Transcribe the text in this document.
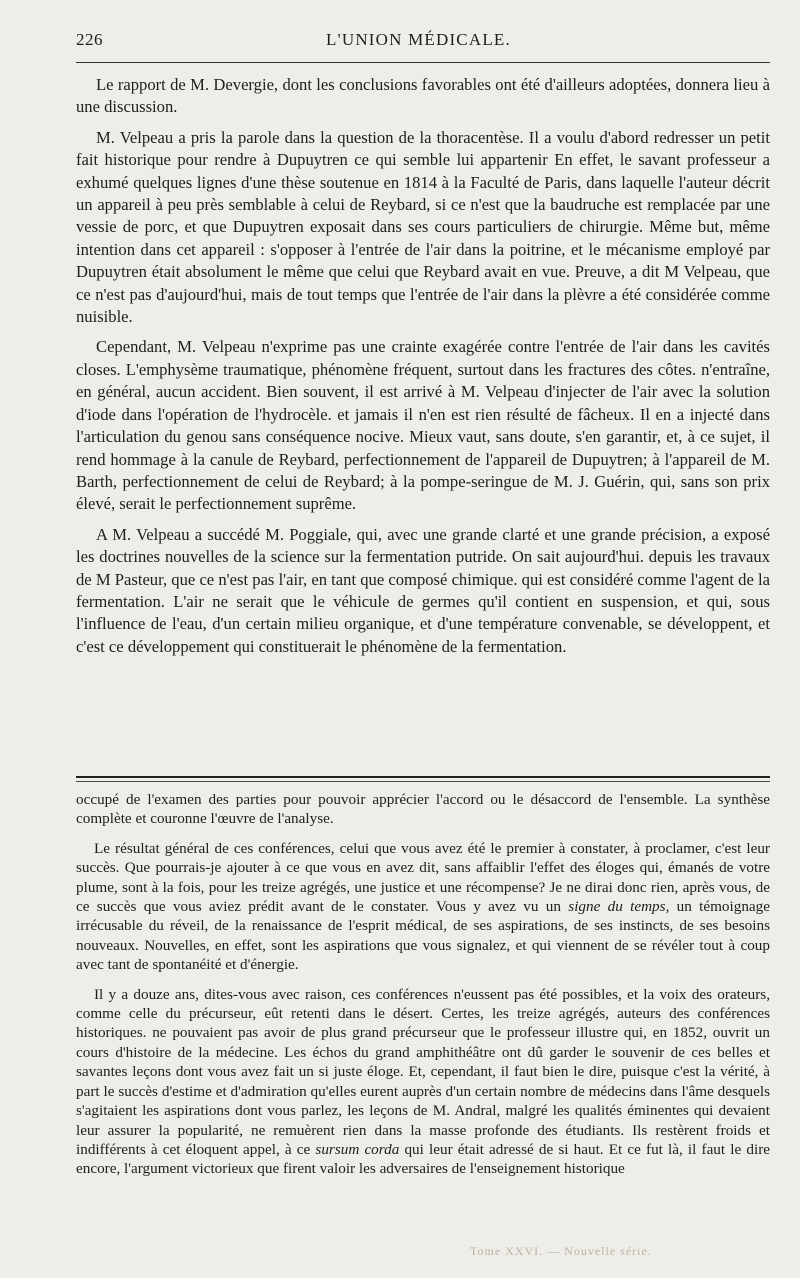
226	L'UNION MÉDICALE.

Le rapport de M. Devergie, dont les conclusions favorables ont été d'ailleurs adoptées, donnera lieu à une discussion.

M. Velpeau a pris la parole dans la question de la thoracentèse. Il a voulu d'abord redresser un petit fait historique pour rendre à Dupuytren ce qui semble lui appartenir En effet, le savant professeur a exhumé quelques lignes d'une thèse soutenue en 1814 à la Faculté de Paris, dans laquelle l'auteur décrit un appareil à peu près semblable à celui de Reybard, si ce n'est que la baudruche est remplacée par une vessie de porc, et que Dupuytren exposait dans ses cours particuliers de chirurgie. Même but, même intention dans cet appareil : s'opposer à l'entrée de l'air dans la poitrine, et le mécanisme employé par Dupuytren était absolument le même que celui que Reybard avait en vue. Preuve, a dit M Velpeau, que ce n'est pas d'aujourd'hui, mais de tout temps que l'entrée de l'air dans la plèvre a été considérée comme nuisible.

Cependant, M. Velpeau n'exprime pas une crainte exagérée contre l'entrée de l'air dans les cavités closes. L'emphysème traumatique, phénomène fréquent, surtout dans les fractures des côtes. n'entraîne, en général, aucun accident. Bien souvent, il est arrivé à M. Velpeau d'injecter de l'air avec la solution d'iode dans l'opération de l'hydrocèle. et jamais il n'en est rien résulté de fâcheux. Il en a injecté dans l'articulation du genou sans conséquence nocive. Mieux vaut, sans doute, s'en garantir, et, à ce sujet, il rend hommage à la canule de Reybard, perfectionnement de l'appareil de Dupuytren; à l'appareil de M. Barth, perfectionnement de celui de Reybard; à la pompe-seringue de M. J. Guérin, qui, sans son prix élevé, serait le perfectionnement suprême.

A M. Velpeau a succédé M. Poggiale, qui, avec une grande clarté et une grande précision, a exposé les doctrines nouvelles de la science sur la fermentation putride. On sait aujourd'hui. depuis les travaux de M Pasteur, que ce n'est pas l'air, en tant que composé chimique. qui est considéré comme l'agent de la fermentation. L'air ne serait que le véhicule de germes qu'il contient en suspension, et qui, sous l'influence de l'eau, d'un certain milieu organique, et d'une température convenable, se développent, et c'est ce développement qui constituerait le phénomène de la fermentation.

occupé de l'examen des parties pour pouvoir apprécier l'accord ou le désaccord de l'ensemble. La synthèse complète et couronne l'œuvre de l'analyse.

Le résultat général de ces conférences, celui que vous avez été le premier à constater, à proclamer, c'est leur succès. Que pourrais-je ajouter à ce que vous en avez dit, sans affaiblir l'effet des éloges qui, émanés de votre plume, sont à la fois, pour les treize agrégés, une justice et une récompense? Je ne dirai donc rien, après vous, de ce succès que vous aviez prédit avant de le constater. Vous y avez vu un signe du temps, un témoignage irrécusable du réveil, de la renaissance de l'esprit médical, de ses aspirations, de ses instincts, de ses besoins nouveaux. Nouvelles, en effet, sont les aspirations que vous signalez, et qui viennent de se révéler tout à coup avec tant de spontanéité et d'énergie.

Il y a douze ans, dites-vous avec raison, ces conférences n'eussent pas été possibles, et la voix des orateurs, comme celle du précurseur, eût retenti dans le désert. Certes, les treize agrégés, auteurs des conférences historiques. ne pouvaient pas avoir de plus grand précurseur que le professeur illustre qui, en 1852, ouvrit un cours d'histoire de la médecine. Les échos du grand amphithéâtre ont dû garder le souvenir de ces belles et savantes leçons dont vous avez fait un si juste éloge. Et, cependant, il faut bien le dire, puisque c'est la vérité, à part le succès d'estime et d'admiration qu'elles eurent auprès d'un certain nombre de médecins dans l'âme desquels s'agitaient les aspirations dont vous parlez, les leçons de M. Andral, malgré les qualités éminentes qui devaient leur assurer la popularité, ne remuèrent rien dans la masse profonde des étudiants. Ils restèrent froids et indifférents à cet éloquent appel, à ce sursum corda qui leur était adressé de si haut. Et ce fut là, il faut le dire encore, l'argument victorieux que firent valoir les adversaires de l'enseignement historique

Tome XXVI. — Nouvelle série.
